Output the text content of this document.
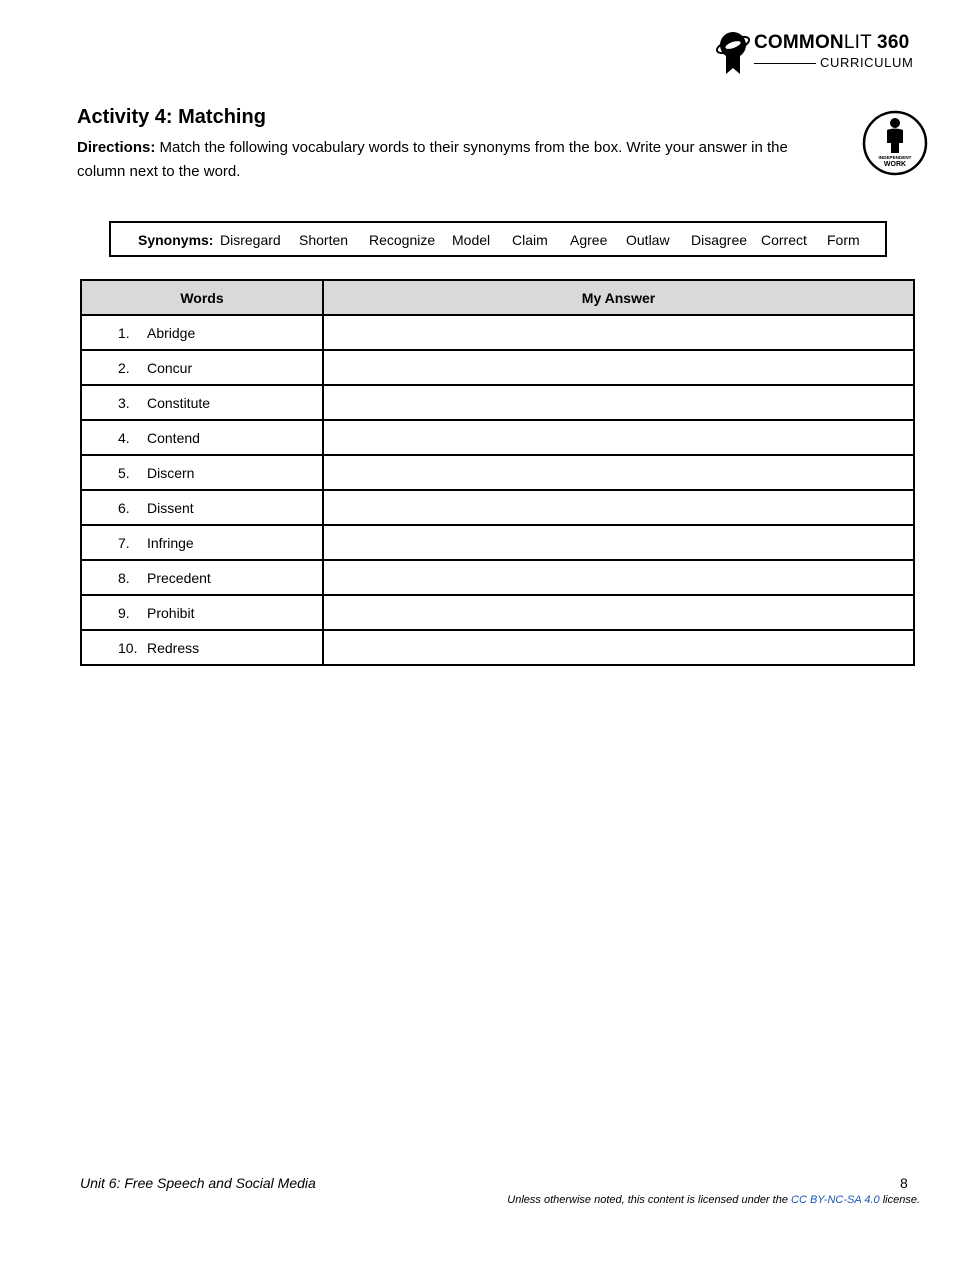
COMMONLIT 360
CURRICULUM
Activity 4: Matching
Directions: Match the following vocabulary words to their synonyms from the box. Write your answer in the column next to the word.
INDEPENDENT
WORK
Synonyms: Disregard Shorten Recognize Model Claim Agree Outlaw Disagree Correct Form
Words	My Answer

1. Abridge	

2. Concur	

3. Constitute	

4. Contend	

5. Discern	

6. Dissent	

7. Infringe	

8. Precedent	

9. Prohibit	

10. Redress	

Unit 6: Free Speech and Social Media	8
Unless otherwise noted, this content is licensed under the CC BY-NC-SA 4.0 license.
